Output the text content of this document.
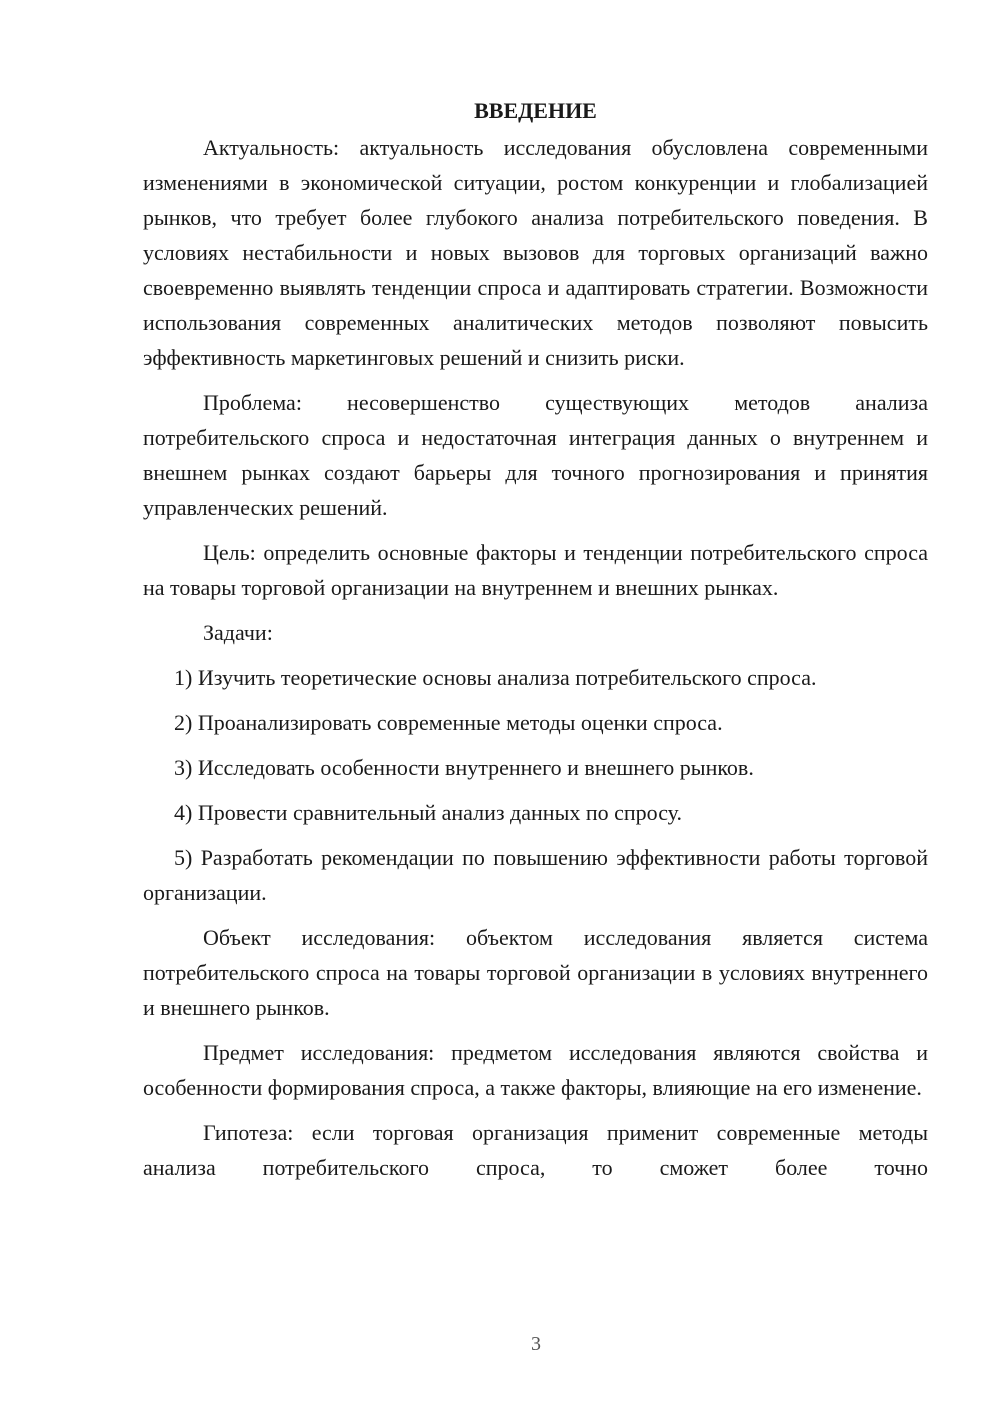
ВВЕДЕНИЕ

Актуальность: актуальность исследования обусловлена современными изменениями в экономической ситуации, ростом конкуренции и глобализацией рынков, что требует более глубокого анализа потребительского поведения. В условиях нестабильности и новых вызовов для торговых организаций важно своевременно выявлять тенденции спроса и адаптировать стратегии. Возможности использования современных аналитических методов позволяют повысить эффективность маркетинговых решений и снизить риски.

Проблема: несовершенство существующих методов анализа потребительского спроса и недостаточная интеграция данных о внутреннем и внешнем рынках создают барьеры для точного прогнозирования и принятия управленческих решений.

Цель: определить основные факторы и тенденции потребительского спроса на товары торговой организации на внутреннем и внешних рынках.

Задачи:

1) Изучить теоретические основы анализа потребительского спроса.

2) Проанализировать современные методы оценки спроса.

3) Исследовать особенности внутреннего и внешнего рынков.

4) Провести сравнительный анализ данных по спросу.

5) Разработать рекомендации по повышению эффективности работы торговой организации.

Объект исследования: объектом исследования является система потребительского спроса на товары торговой организации в условиях внутреннего и внешнего рынков.

Предмет исследования: предметом исследования являются свойства и особенности формирования спроса, а также факторы, влияющие на его изменение.

Гипотеза: если торговая организация применит современные методы анализа потребительского спроса, то сможет более точно

3
